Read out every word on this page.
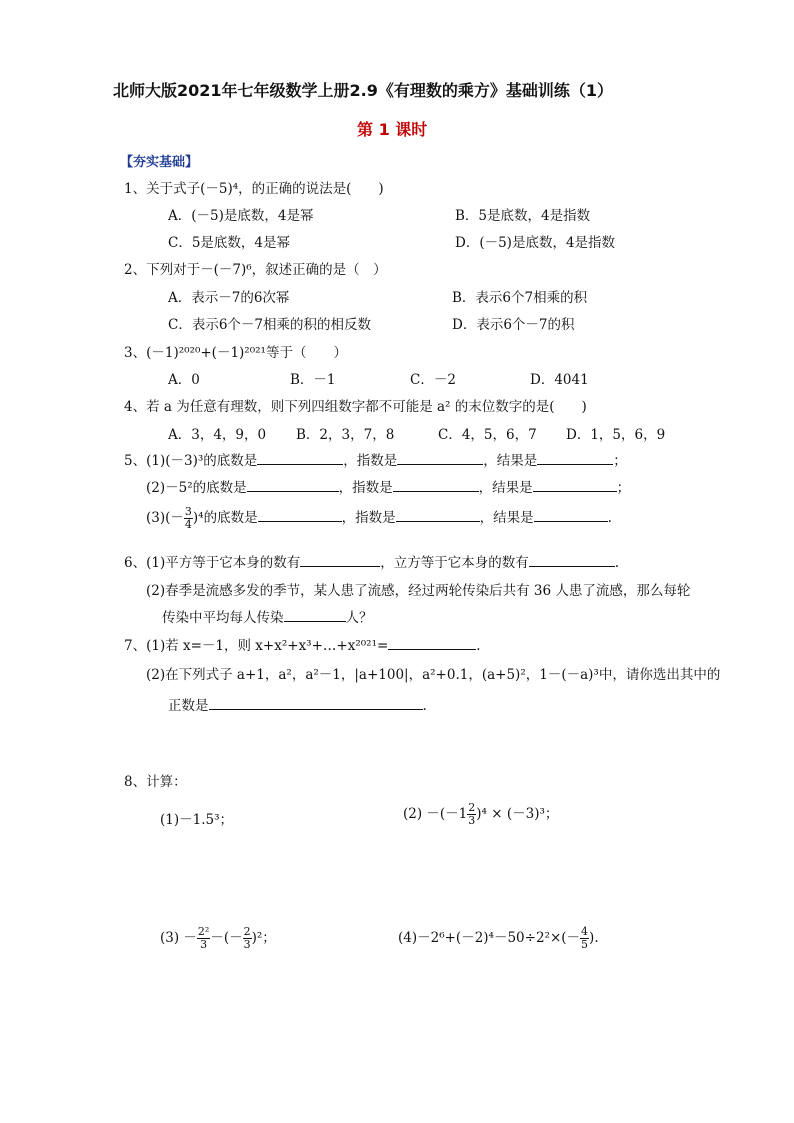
北师大版2021年七年级数学上册2.9《有理数的乘方》基础训练（1）
第 1 课时
【夯实基础】
1、关于式子(－5)⁴，的正确的说法是(　　)
A．(－5)是底数，4是幂	B．5是底数，4是指数
C．5是底数，4是幂	D．(－5)是底数，4是指数
2、下列对于－(－7)⁶，叙述正确的是（　）
A．表示－7的6次幂	B．表示6个7相乘的积
C．表示6个－7相乘的积的相反数	D．表示6个－7的积
3、(－1)²⁰²⁰+(－1)²⁰²¹等于（　　）
A．0	B．－1	C．－2	D．4041
4、若 a 为任意有理数，则下列四组数字都不可能是 a² 的末位数字的是(　　)
A．3，4，9，0 B．2，3，7，8	C．4，5，6，7 D．1，5，6，9
5、(1)(－3)³的底数是	，指数是	，结果是	；
(2)－5²的底数是	，指数是	，结果是	；
$(3)(- \frac{3}{4} )^4$的底数是	，指数是	，结果是	.
6、(1)平方等于它本身的数有	，立方等于它本身的数有	.
(2)春季是流感多发的季节，某人患了流感，经过两轮传染后共有 36 人患了流感，那么每轮
传染中平均每人传染	人？
7、(1)若 x=－1，则 x+x²+x³+…+x²⁰²¹=	.
(2)在下列式子 a+1，a²，a²－1，|a+100|，a²+0.1，(a+5)²，1－(－a)³中，请你选出其中的
正数是	.
8、计算：
(1)－1.5³；	$(2) -(-1 \frac{2}{3} )^4 \times (-3)^3$；
$(3) - \frac{\text{2²}}{3}$ －(－ $\frac{2}{3} )^2$；	$(4)-2^6+(-2)^4-50\div 2^2\times(- \frac{4}{5}$ ).
